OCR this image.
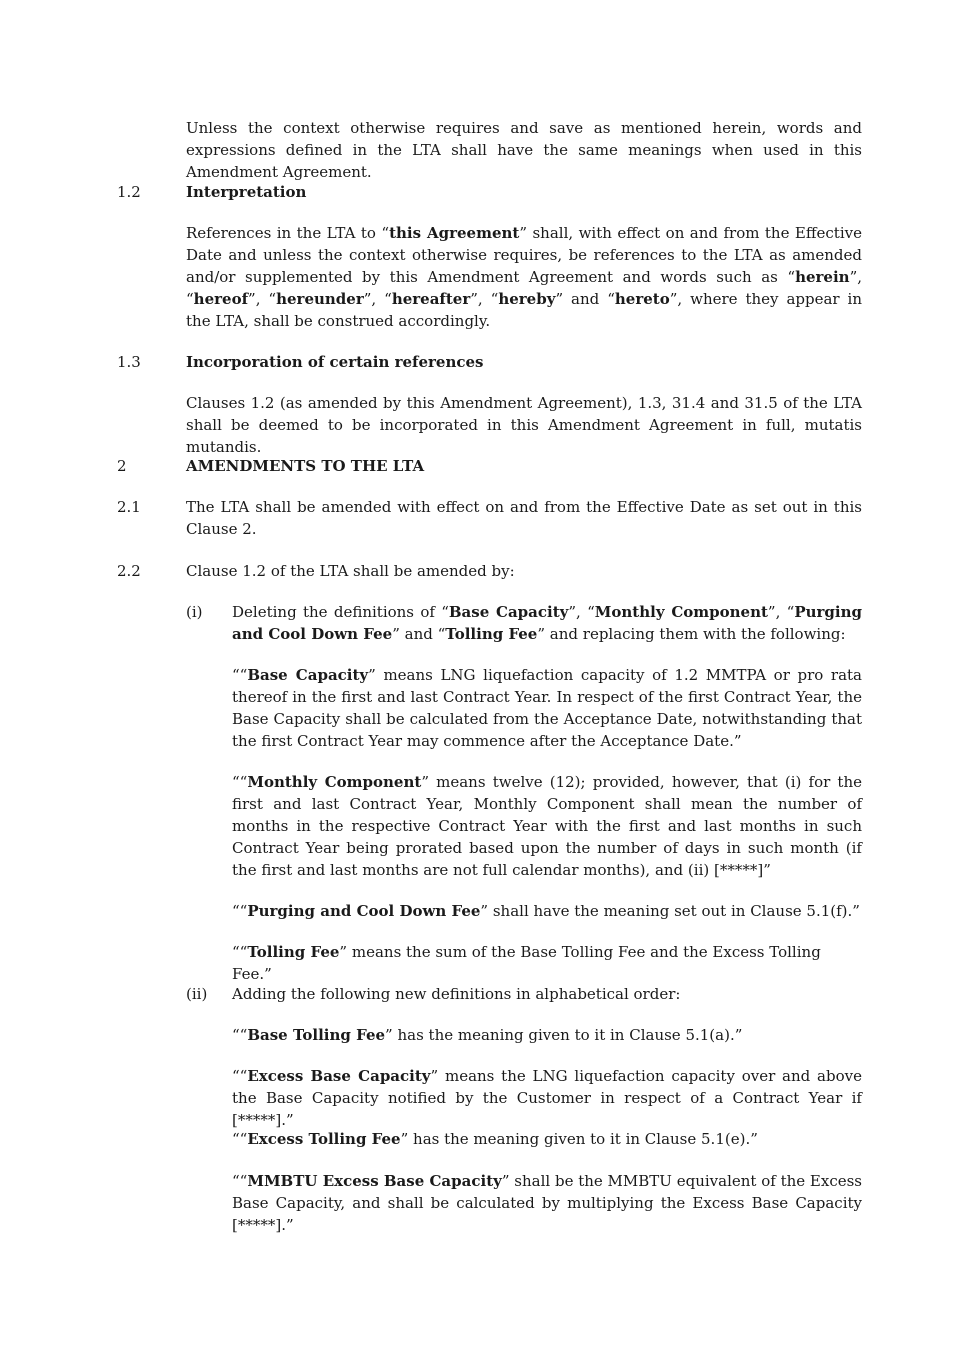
Unless the context otherwise requires and save as mentioned herein, words and expressions defined in the LTA shall have the same meanings when used in this Amendment Agreement.
1.2	Interpretation
References in the LTA to “this Agreement” shall, with effect on and from the Effective Date and unless the context otherwise requires, be references to the LTA as amended and/or supplemented by this Amendment Agreement and words such as “herein”, “hereof”, “hereunder”, “hereafter”, “hereby” and “hereto”, where they appear in the LTA, shall be construed accordingly.
1.3	Incorporation of certain references
Clauses 1.2 (as amended by this Amendment Agreement), 1.3, 31.4 and 31.5 of the LTA shall be deemed to be incorporated in this Amendment Agreement in full, mutatis mutandis.
2	AMENDMENTS TO THE LTA
2.1	The LTA shall be amended with effect on and from the Effective Date as set out in this Clause 2.
2.2	Clause 1.2 of the LTA shall be amended by:
(i) Deleting the definitions of “Base Capacity”, “Monthly Component”, “Purging and Cool Down Fee” and “Tolling Fee” and replacing them with the following:
““Base Capacity” means LNG liquefaction capacity of 1.2 MMTPA or pro rata thereof in the first and last Contract Year. In respect of the first Contract Year, the Base Capacity shall be calculated from the Acceptance Date, notwithstanding that the first Contract Year may commence after the Acceptance Date.”
““Monthly Component” means twelve (12); provided, however, that (i) for the first and last Contract Year, Monthly Component shall mean the number of months in the respective Contract Year with the first and last months in such Contract Year being prorated based upon the number of days in such month (if the first and last months are not full calendar months), and (ii) [*****]”
““Purging and Cool Down Fee” shall have the meaning set out in Clause 5.1(f).”
““Tolling Fee” means the sum of the Base Tolling Fee and the Excess Tolling Fee.”
(ii) Adding the following new definitions in alphabetical order:
““Base Tolling Fee” has the meaning given to it in Clause 5.1(a).”
““Excess Base Capacity” means the LNG liquefaction capacity over and above the Base Capacity notified by the Customer in respect of a Contract Year if [*****].”
““Excess Tolling Fee” has the meaning given to it in Clause 5.1(e).”
““MMBTU Excess Base Capacity” shall be the MMBTU equivalent of the Excess Base Capacity, and shall be calculated by multiplying the Excess Base Capacity [*****].”
